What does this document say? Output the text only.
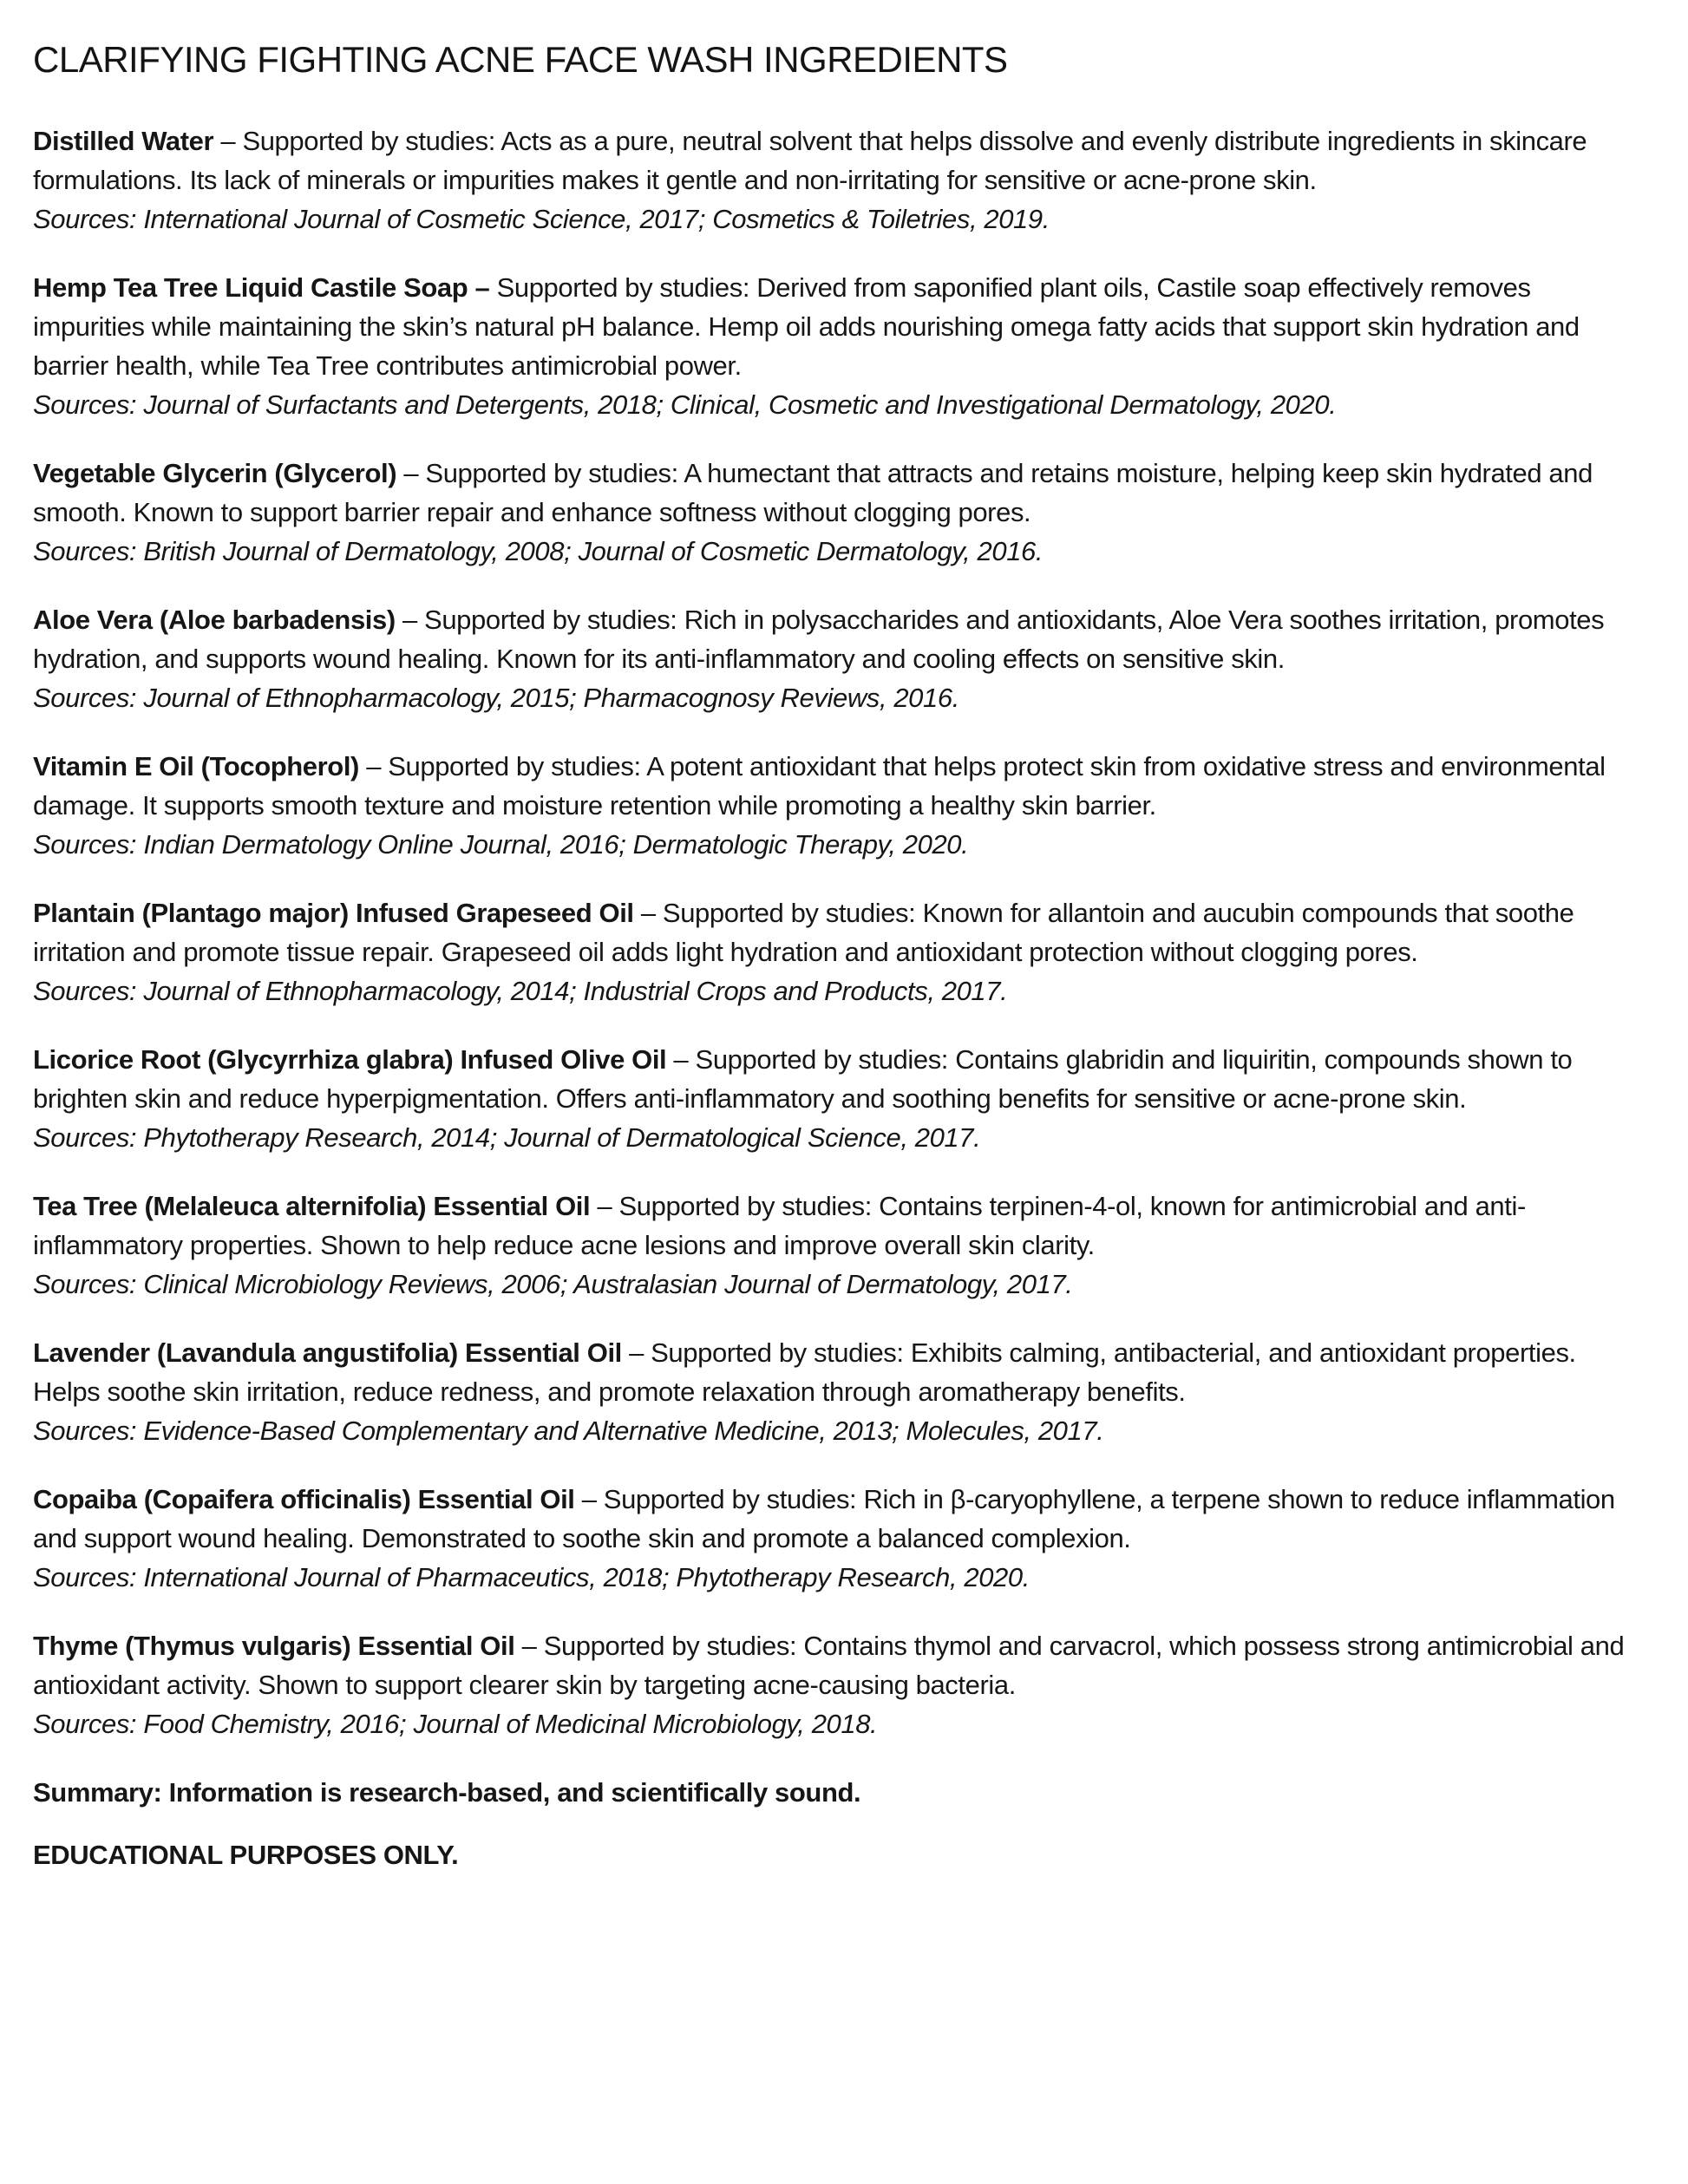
CLARIFYING FIGHTING ACNE FACE WASH INGREDIENTS

Distilled Water – Supported by studies: Acts as a pure, neutral solvent that helps dissolve and evenly distribute ingredients in skincare formulations. Its lack of minerals or impurities makes it gentle and non-irritating for sensitive or acne-prone skin.

Sources: International Journal of Cosmetic Science, 2017; Cosmetics & Toiletries, 2019.

Hemp Tea Tree Liquid Castile Soap – Supported by studies: Derived from saponified plant oils, Castile soap effectively removes impurities while maintaining the skin’s natural pH balance. Hemp oil adds nourishing omega fatty acids that support skin hydration and barrier health, while Tea Tree contributes antimicrobial power.

Sources: Journal of Surfactants and Detergents, 2018; Clinical, Cosmetic and Investigational Dermatology, 2020.

Vegetable Glycerin (Glycerol) – Supported by studies: A humectant that attracts and retains moisture, helping keep skin hydrated and smooth. Known to support barrier repair and enhance softness without clogging pores.

Sources: British Journal of Dermatology, 2008; Journal of Cosmetic Dermatology, 2016.

Aloe Vera (Aloe barbadensis) – Supported by studies: Rich in polysaccharides and antioxidants, Aloe Vera soothes irritation, promotes hydration, and supports wound healing. Known for its anti-inflammatory and cooling effects on sensitive skin.

Sources: Journal of Ethnopharmacology, 2015; Pharmacognosy Reviews, 2016.

Vitamin E Oil (Tocopherol) – Supported by studies: A potent antioxidant that helps protect skin from oxidative stress and environmental damage. It supports smooth texture and moisture retention while promoting a healthy skin barrier.

Sources: Indian Dermatology Online Journal, 2016; Dermatologic Therapy, 2020.

Plantain (Plantago major) Infused Grapeseed Oil – Supported by studies: Known for allantoin and aucubin compounds that soothe irritation and promote tissue repair. Grapeseed oil adds light hydration and antioxidant protection without clogging pores.

Sources: Journal of Ethnopharmacology, 2014; Industrial Crops and Products, 2017.

Licorice Root (Glycyrrhiza glabra) Infused Olive Oil – Supported by studies: Contains glabridin and liquiritin, compounds shown to brighten skin and reduce hyperpigmentation. Offers anti-inflammatory and soothing benefits for sensitive or acne-prone skin.

Sources: Phytotherapy Research, 2014; Journal of Dermatological Science, 2017.

Tea Tree (Melaleuca alternifolia) Essential Oil – Supported by studies: Contains terpinen-4-ol, known for antimicrobial and anti-inflammatory properties. Shown to help reduce acne lesions and improve overall skin clarity.

Sources: Clinical Microbiology Reviews, 2006; Australasian Journal of Dermatology, 2017.

Lavender (Lavandula angustifolia) Essential Oil – Supported by studies: Exhibits calming, antibacterial, and antioxidant properties. Helps soothe skin irritation, reduce redness, and promote relaxation through aromatherapy benefits.

Sources: Evidence-Based Complementary and Alternative Medicine, 2013; Molecules, 2017.

Copaiba (Copaifera officinalis) Essential Oil – Supported by studies: Rich in β-caryophyllene, a terpene shown to reduce inflammation and support wound healing. Demonstrated to soothe skin and promote a balanced complexion.

Sources: International Journal of Pharmaceutics, 2018; Phytotherapy Research, 2020.

Thyme (Thymus vulgaris) Essential Oil – Supported by studies: Contains thymol and carvacrol, which possess strong antimicrobial and antioxidant activity. Shown to support clearer skin by targeting acne-causing bacteria.

Sources: Food Chemistry, 2016; Journal of Medicinal Microbiology, 2018.

Summary: Information is research-based, and scientifically sound.

EDUCATIONAL PURPOSES ONLY.
